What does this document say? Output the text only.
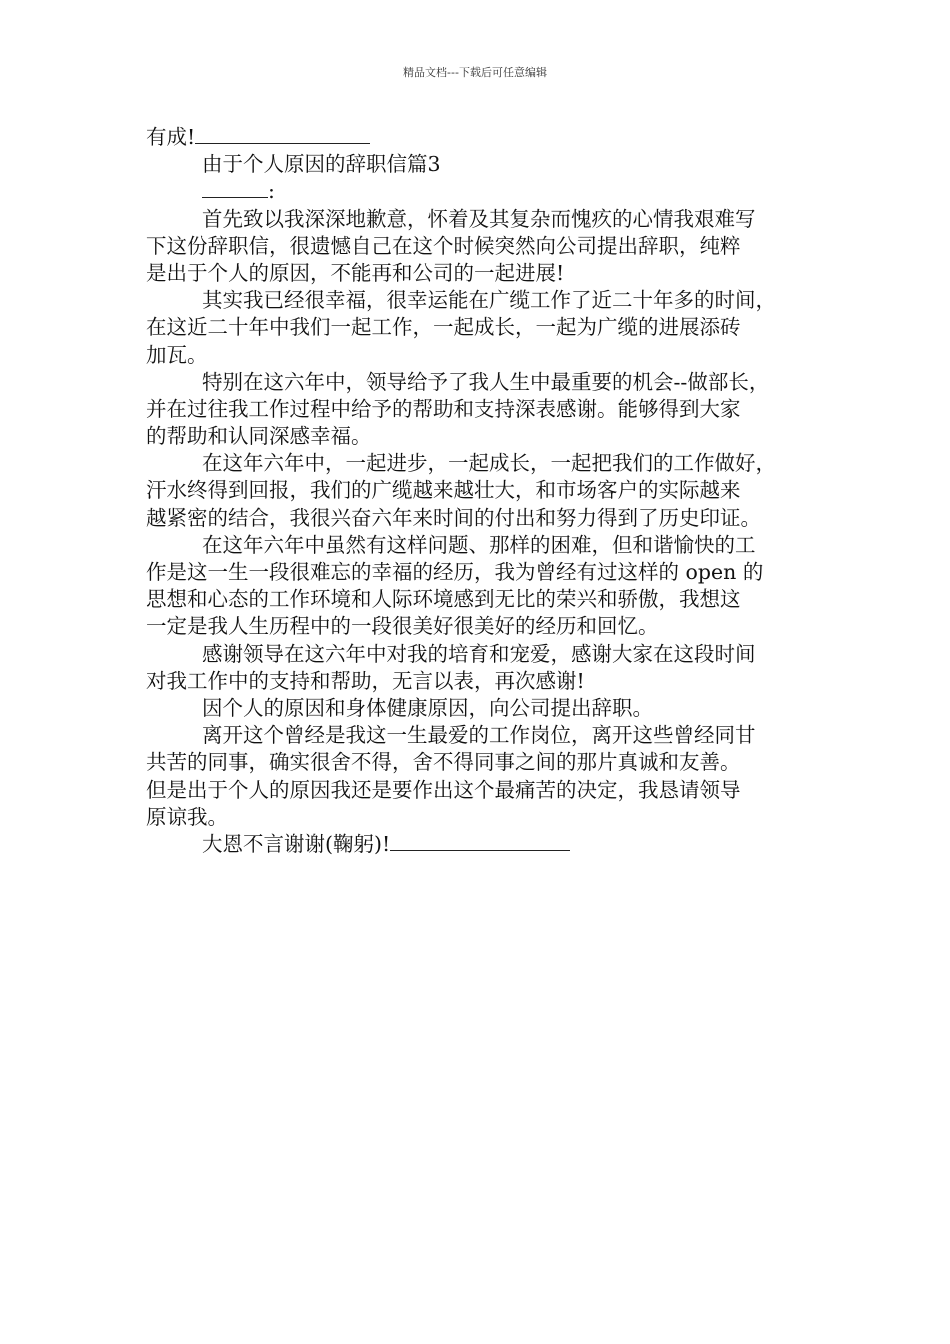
精品文档---下载后可任意编辑
有成!
由于个人原因的辞职信篇3
:
首先致以我深深地歉意，怀着及其复杂而愧疚的心情我艰难写
下这份辞职信，很遗憾自己在这个时候突然向公司提出辞职，纯粹
是出于个人的原因，不能再和公司的一起进展!
其实我已经很幸福，很幸运能在广缆工作了近二十年多的时间，
在这近二十年中我们一起工作，一起成长，一起为广缆的进展添砖
加瓦。
特别在这六年中，领导给予了我人生中最重要的机会--做部长，
并在过往我工作过程中给予的帮助和支持深表感谢。能够得到大家
的帮助和认同深感幸福。
在这年六年中，一起进步，一起成长，一起把我们的工作做好，
汗水终得到回报，我们的广缆越来越壮大，和市场客户的实际越来
越紧密的结合，我很兴奋六年来时间的付出和努力得到了历史印证。
在这年六年中虽然有这样问题、那样的困难，但和谐愉快的工
作是这一生一段很难忘的幸福的经历，我为曾经有过这样的 open 的
思想和心态的工作环境和人际环境感到无比的荣兴和骄傲，我想这
一定是我人生历程中的一段很美好很美好的经历和回忆。
感谢领导在这六年中对我的培育和宠爱，感谢大家在这段时间
对我工作中的支持和帮助，无言以表，再次感谢!
因个人的原因和身体健康原因，向公司提出辞职。
离开这个曾经是我这一生最爱的工作岗位，离开这些曾经同甘
共苦的同事，确实很舍不得，舍不得同事之间的那片真诚和友善。
但是出于个人的原因我还是要作出这个最痛苦的决定，我恳请领导
原谅我。
大恩不言谢谢(鞠躬)!
